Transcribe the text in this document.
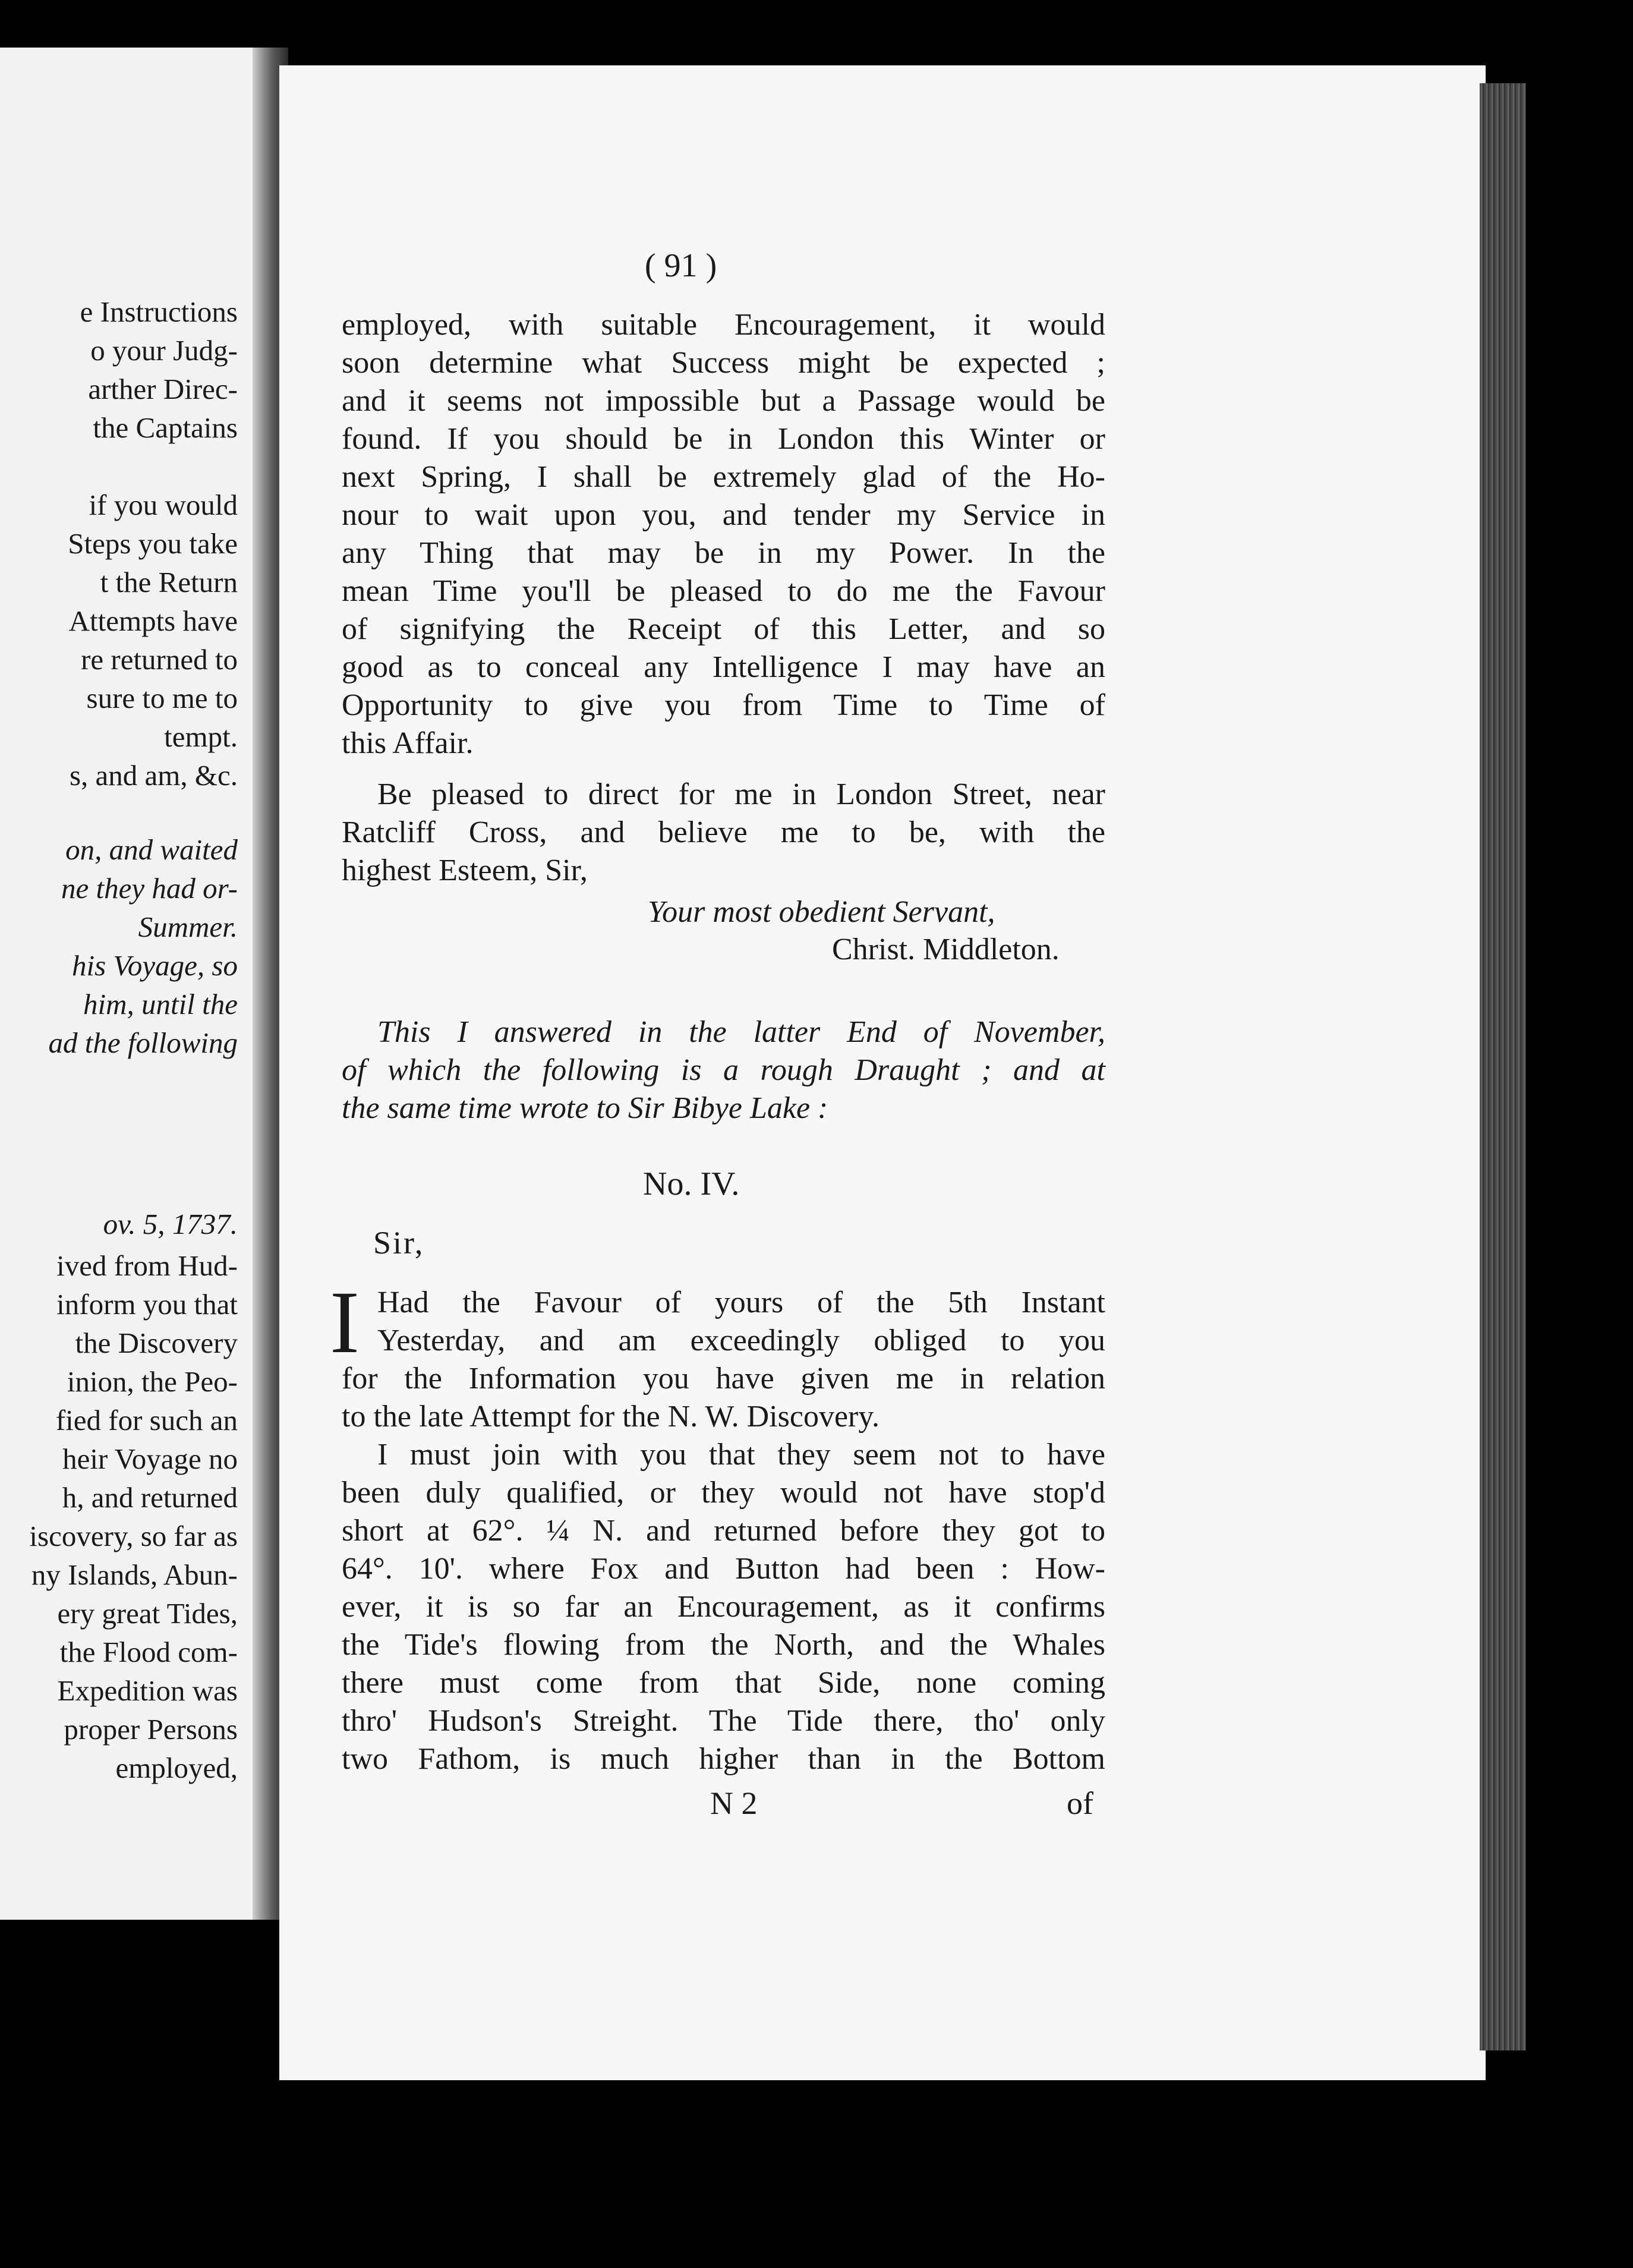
e Instructions
o your Judg-
arther Direc-
the Captains
if you would
Steps you take
t the Return
Attempts have
re returned to
sure to me to
tempt.
s, and am, &c.
on, and waited
ne they had or-
Summer.
his Voyage, so
him, until the
ad the following
ov. 5, 1737.
ived from Hud-
inform you that
the Discovery
inion, the Peo-
fied for such an
heir Voyage no
h, and returned
iscovery, so far as
ny Islands, Abun-
ery great Tides,
the Flood com-
Expedition was
proper Persons
employed,
( 91 )
employed, with suitable Encouragement, it would
soon determine what Success might be expected ;
and it seems not impossible but a Passage would be
found. If you should be in London this Winter or
next Spring, I shall be extremely glad of the Ho-
nour to wait upon you, and tender my Service in
any Thing that may be in my Power. In the
mean Time you'll be pleased to do me the Favour
of signifying the Receipt of this Letter, and so
good as to conceal any Intelligence I may have an
Opportunity to give you from Time to Time of
this Affair.
Be pleased to direct for me in London Street, near
Ratcliff Cross, and believe me to be, with the
highest Esteem, Sir,
This I answered in the latter End of November,
of which the following is a rough Draught ; and at
the same time wrote to Sir Bibye Lake :
Had the Favour of yours of the 5th Instant
Yesterday, and am exceedingly obliged to you
for the Information you have given me in relation
to the late Attempt for the N. W. Discovery.
I must join with you that they seem not to have
been duly qualified, or they would not have stop'd
short at 62°. ¼ N. and returned before they got to
64°. 10'. where Fox and Button had been : How-
ever, it is so far an Encouragement, as it confirms
the Tide's flowing from the North, and the Whales
there must come from that Side, none coming
thro' Hudson's Streight. The Tide there, tho' only
two Fathom, is much higher than in the Bottom
Your most obedient Servant,
Christ. Middleton.
No. IV.
Sir,
I
N 2	of
